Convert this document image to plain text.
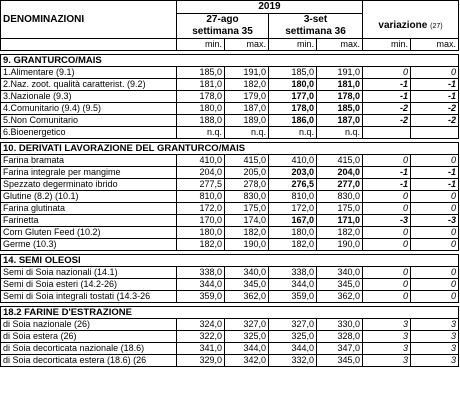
DENOMINAZIONI	2019					
	27-ago		3-set		variazione (27)	
	settimana 35		settimana 36			
	min.	max.	min.	max.	min.	max.

9. GRANTURCO/MAIS						
1.Alimentare (9.1)	185,0	191,0	185,0	191,0	0	0
2.Naz. zoot. qualità caratterist. (9.2)	181,0	182,0	180,0	181,0	-1	-1
3.Nazionale (9.3)	178,0	179,0	177,0	178,0	-1	-1
4.Comunitario (9.4) (9.5)	180,0	187,0	178,0	185,0	-2	-2
5.Non Comunitario	188,0	189,0	186,0	187,0	-2	-2
6.Bioenergetico	n.q.	n.q.	n.q.	n.q.		

10. DERIVATI LAVORAZIONE DEL GRANTURCO/MAIS						
Farina bramata	410,0	415,0	410,0	415,0	0	0
Farina integrale per mangime	204,0	205,0	203,0	204,0	-1	-1
Spezzato degerminato ibrido	277,5	278,0	276,5	277,0	-1	-1
Glutine (8.2) (10.1)	810,0	830,0	810,0	830,0	0	0
Farina glutinata	172,0	175,0	172,0	175,0	0	0
Farinetta	170,0	174,0	167,0	171,0	-3	-3
Corn Gluten Feed (10.2)	180,0	182,0	180,0	182,0	0	0
Germe (10.3)	182,0	190,0	182,0	190,0	0	0

14. SEMI OLEOSI						
Semi di Soia nazionali (14.1)	338,0	340,0	338,0	340,0	0	0
Semi di Soia esteri (14.2-26)	344,0	345,0	344,0	345,0	0	0
Semi di Soia integrali tostati (14.3-26	359,0	362,0	359,0	362,0	0	0

18.2 FARINE D'ESTRAZIONE						
di Soia nazionale (26)	324,0	327,0	327,0	330,0	3	3
di Soia estera (26)	322,0	325,0	325,0	328,0	3	3
di Soia decorticata nazionale (18.6)	341,0	344,0	344,0	347,0	3	3
di Soia decorticata estera (18.6) (26	329,0	342,0	332,0	345,0	3	3
